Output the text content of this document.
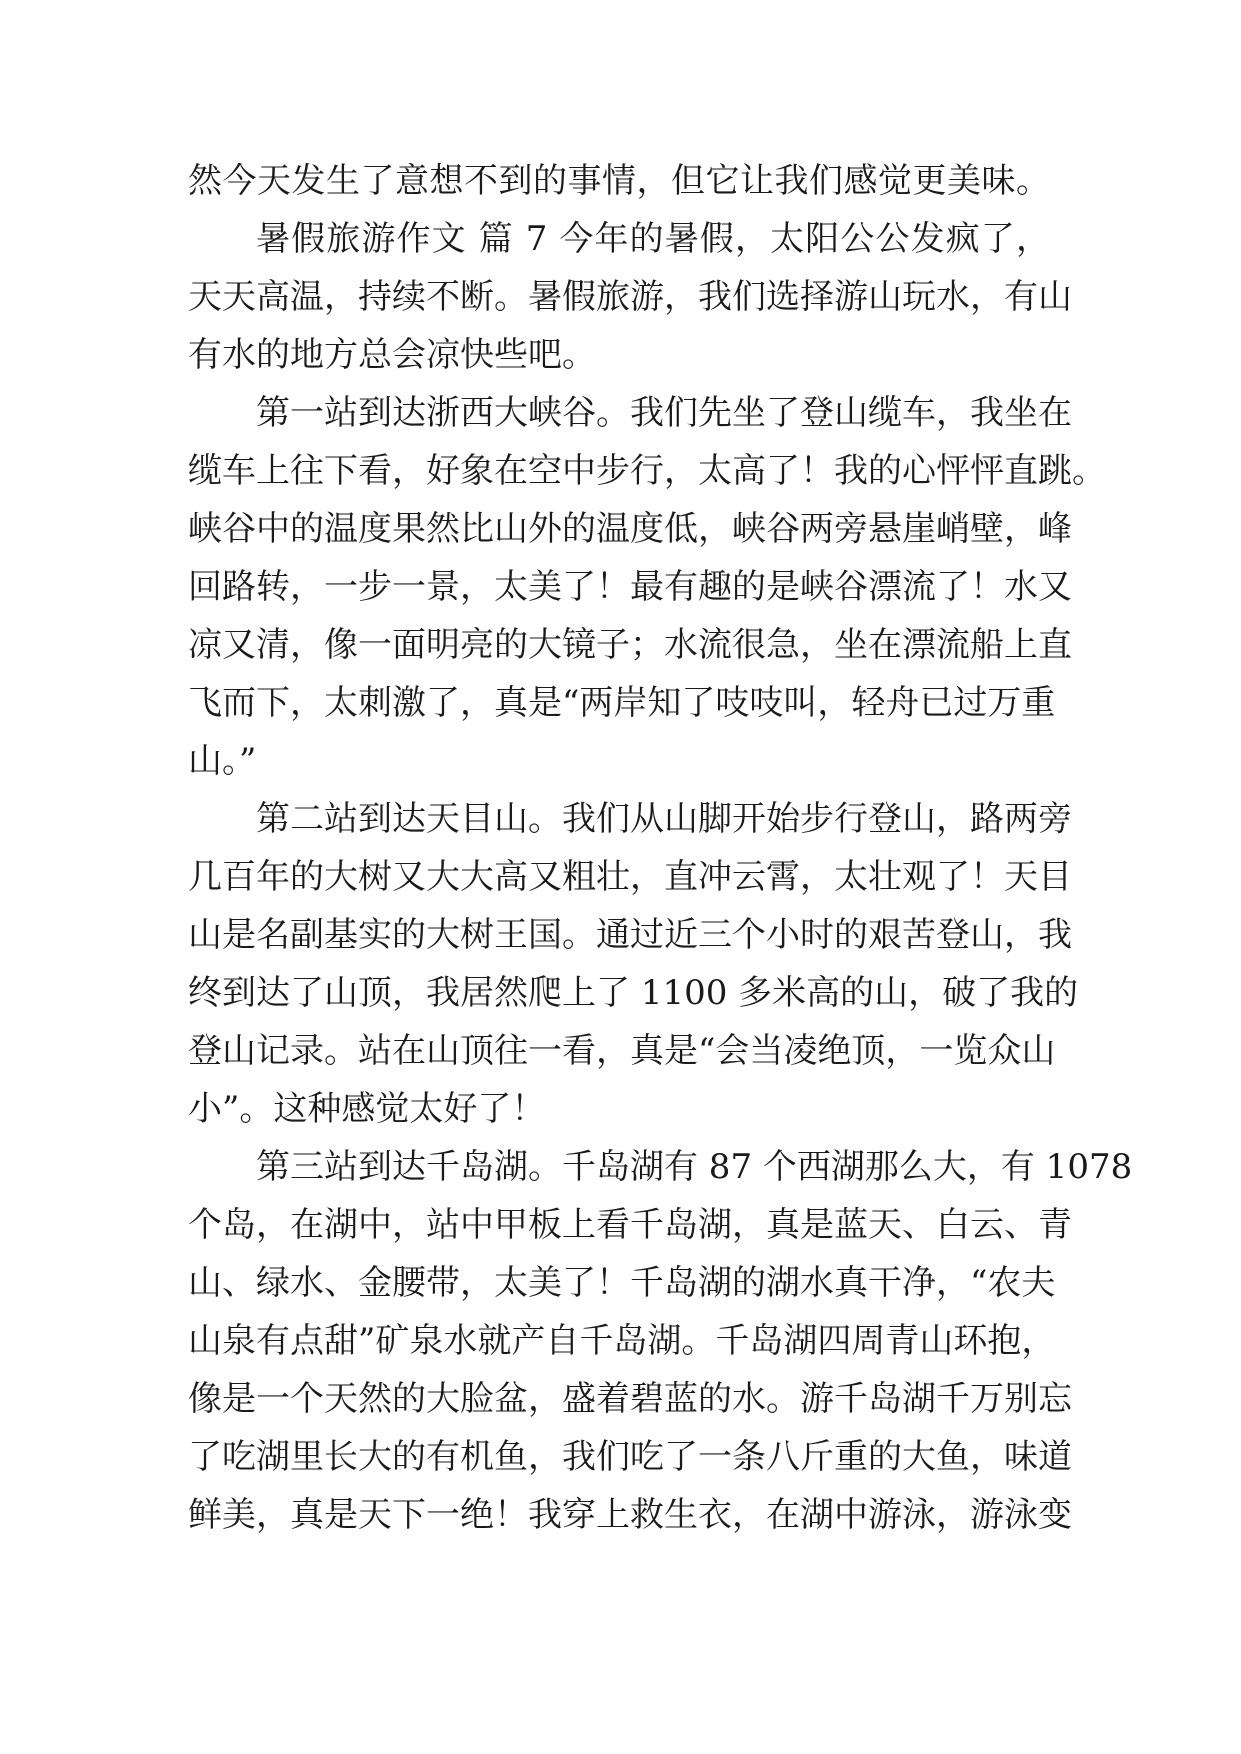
然今天发生了意想不到的事情，但它让我们感觉更美味。
暑假旅游作文 篇 7 今年的暑假，太阳公公发疯了，
天天高温，持续不断。暑假旅游，我们选择游山玩水，有山
有水的地方总会凉快些吧。
第一站到达浙西大峡谷。我们先坐了登山缆车，我坐在
缆车上往下看，好象在空中步行，太高了！我的心怦怦直跳。
峡谷中的温度果然比山外的温度低，峡谷两旁悬崖峭壁，峰
回路转，一步一景，太美了！最有趣的是峡谷漂流了！水又
凉又清，像一面明亮的大镜子；水流很急，坐在漂流船上直
飞而下，太刺激了，真是“两岸知了吱吱叫，轻舟已过万重
山。”
第二站到达天目山。我们从山脚开始步行登山，路两旁
几百年的大树又大大高又粗壮，直冲云霄，太壮观了！天目
山是名副基实的大树王国。通过近三个小时的艰苦登山，我
终到达了山顶，我居然爬上了 1100 多米高的山，破了我的
登山记录。站在山顶往一看，真是“会当凌绝顶，一览众山
小”。这种感觉太好了！
第三站到达千岛湖。千岛湖有 87 个西湖那么大，有 1078
个岛，在湖中，站中甲板上看千岛湖，真是蓝天、白云、青
山、绿水、金腰带，太美了！千岛湖的湖水真干净，“农夫
山泉有点甜”矿泉水就产自千岛湖。千岛湖四周青山环抱，
像是一个天然的大脸盆，盛着碧蓝的水。游千岛湖千万别忘
了吃湖里长大的有机鱼，我们吃了一条八斤重的大鱼，味道
鲜美，真是天下一绝！我穿上救生衣，在湖中游泳，游泳变
